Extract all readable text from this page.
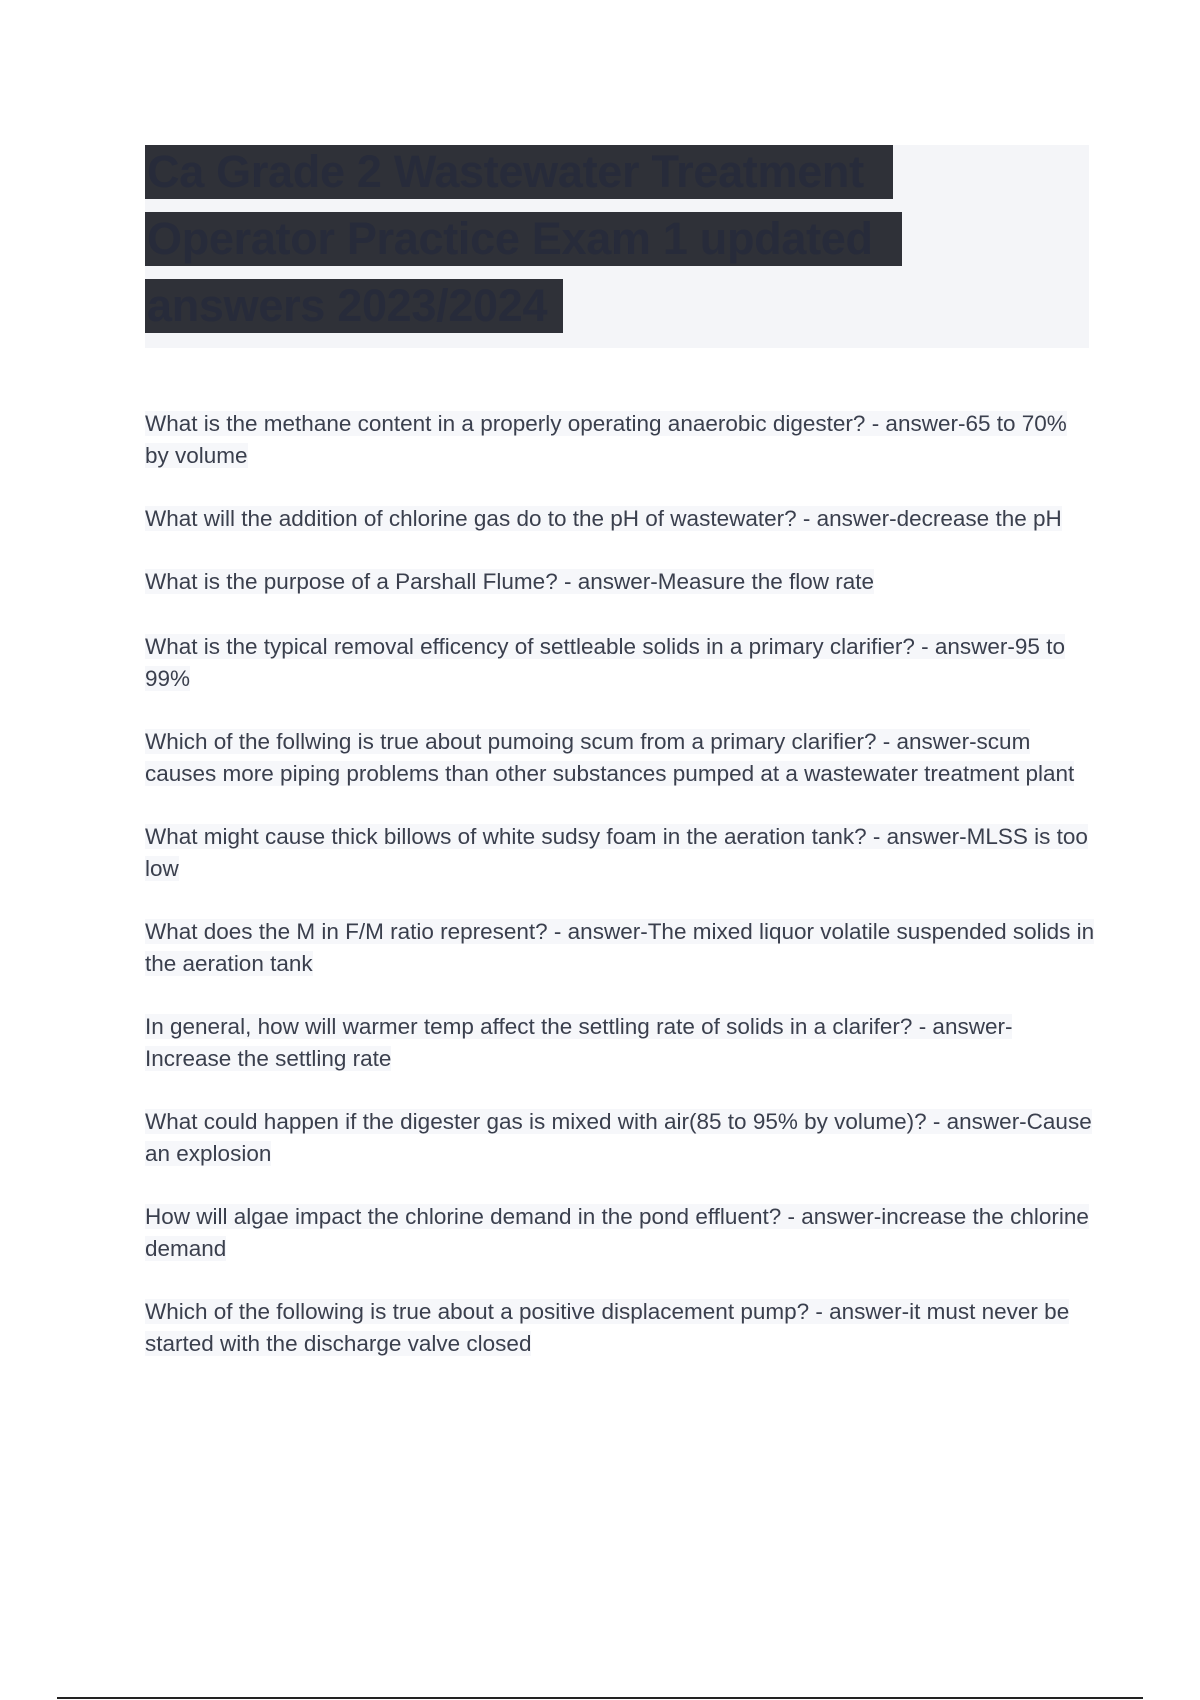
Ca Grade 2 Wastewater Treatment
Operator Practice Exam 1 updated
answers 2023/2024

What is the methane content in a properly operating anaerobic digester? - answer-65 to 70% by volume

What will the addition of chlorine gas do to the pH of wastewater? - answer-decrease the pH

What is the purpose of a Parshall Flume? - answer-Measure the flow rate

What is the typical removal efficency of settleable solids in a primary clarifier? - answer-95 to 99%

Which of the follwing is true about pumoing scum from a primary clarifier? - answer-scum causes more piping problems than other substances pumped at a wastewater treatment plant

What might cause thick billows of white sudsy foam in the aeration tank? - answer-MLSS is too low

What does the M in F/M ratio represent? - answer-The mixed liquor volatile suspended solids in the aeration tank

In general, how will warmer temp affect the settling rate of solids in a clarifer? - answer-Increase the settling rate

What could happen if the digester gas is mixed with air(85 to 95% by volume)? - answer-Cause an explosion

How will algae impact the chlorine demand in the pond effluent? - answer-increase the chlorine demand

Which of the following is true about a positive displacement pump? - answer-it must never be started with the discharge valve closed
